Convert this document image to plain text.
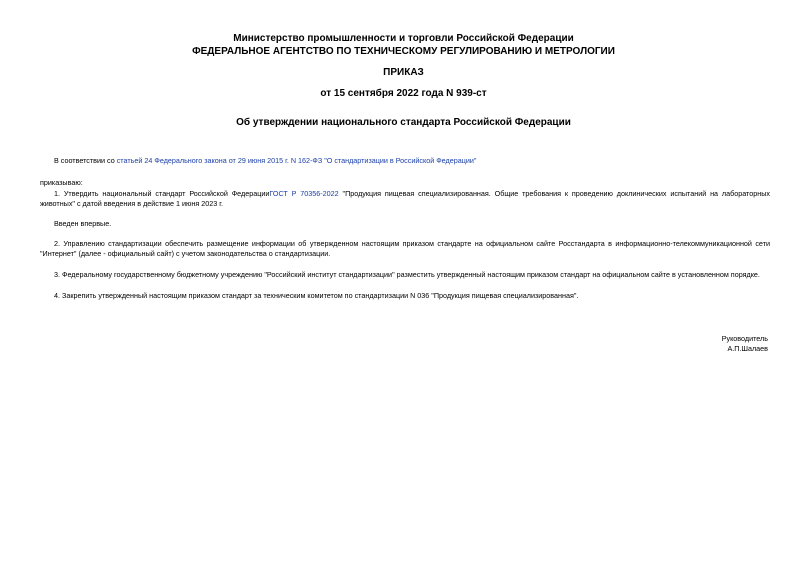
Министерство промышленности и торговли Российской Федерации
ФЕДЕРАЛЬНОЕ АГЕНТСТВО ПО ТЕХНИЧЕСКОМУ РЕГУЛИРОВАНИЮ И МЕТРОЛОГИИ
ПРИКАЗ
от 15 сентября 2022 года N 939-ст
Об утверждении национального стандарта Российской Федерации
В соответствии со статьей 24 Федерального закона от 29 июня 2015 г. N 162-ФЗ "О стандартизации в Российской Федерации"
приказываю:
1. Утвердить национальный стандарт Российской ФедерацииГОСТ Р 70356-2022 "Продукция пищевая специализированная. Общие требования к проведению доклинических испытаний на лабораторных животных" с датой введения в действие 1 июня 2023 г.
Введен впервые.
2. Управлению стандартизации обеспечить размещение информации об утвержденном настоящим приказом стандарте на официальном сайте Росстандарта в информационно-телекоммуникационной сети "Интернет" (далее - официальный сайт) с учетом законодательства о стандартизации.
3. Федеральному государственному бюджетному учреждению "Российский институт стандартизации" разместить утвержденный настоящим приказом стандарт на официальном сайте в установленном порядке.
4. Закрепить утвержденный настоящим приказом стандарт за техническим комитетом по стандартизации N 036 "Продукция пищевая специализированная".
Руководитель
А.П.Шалаев
